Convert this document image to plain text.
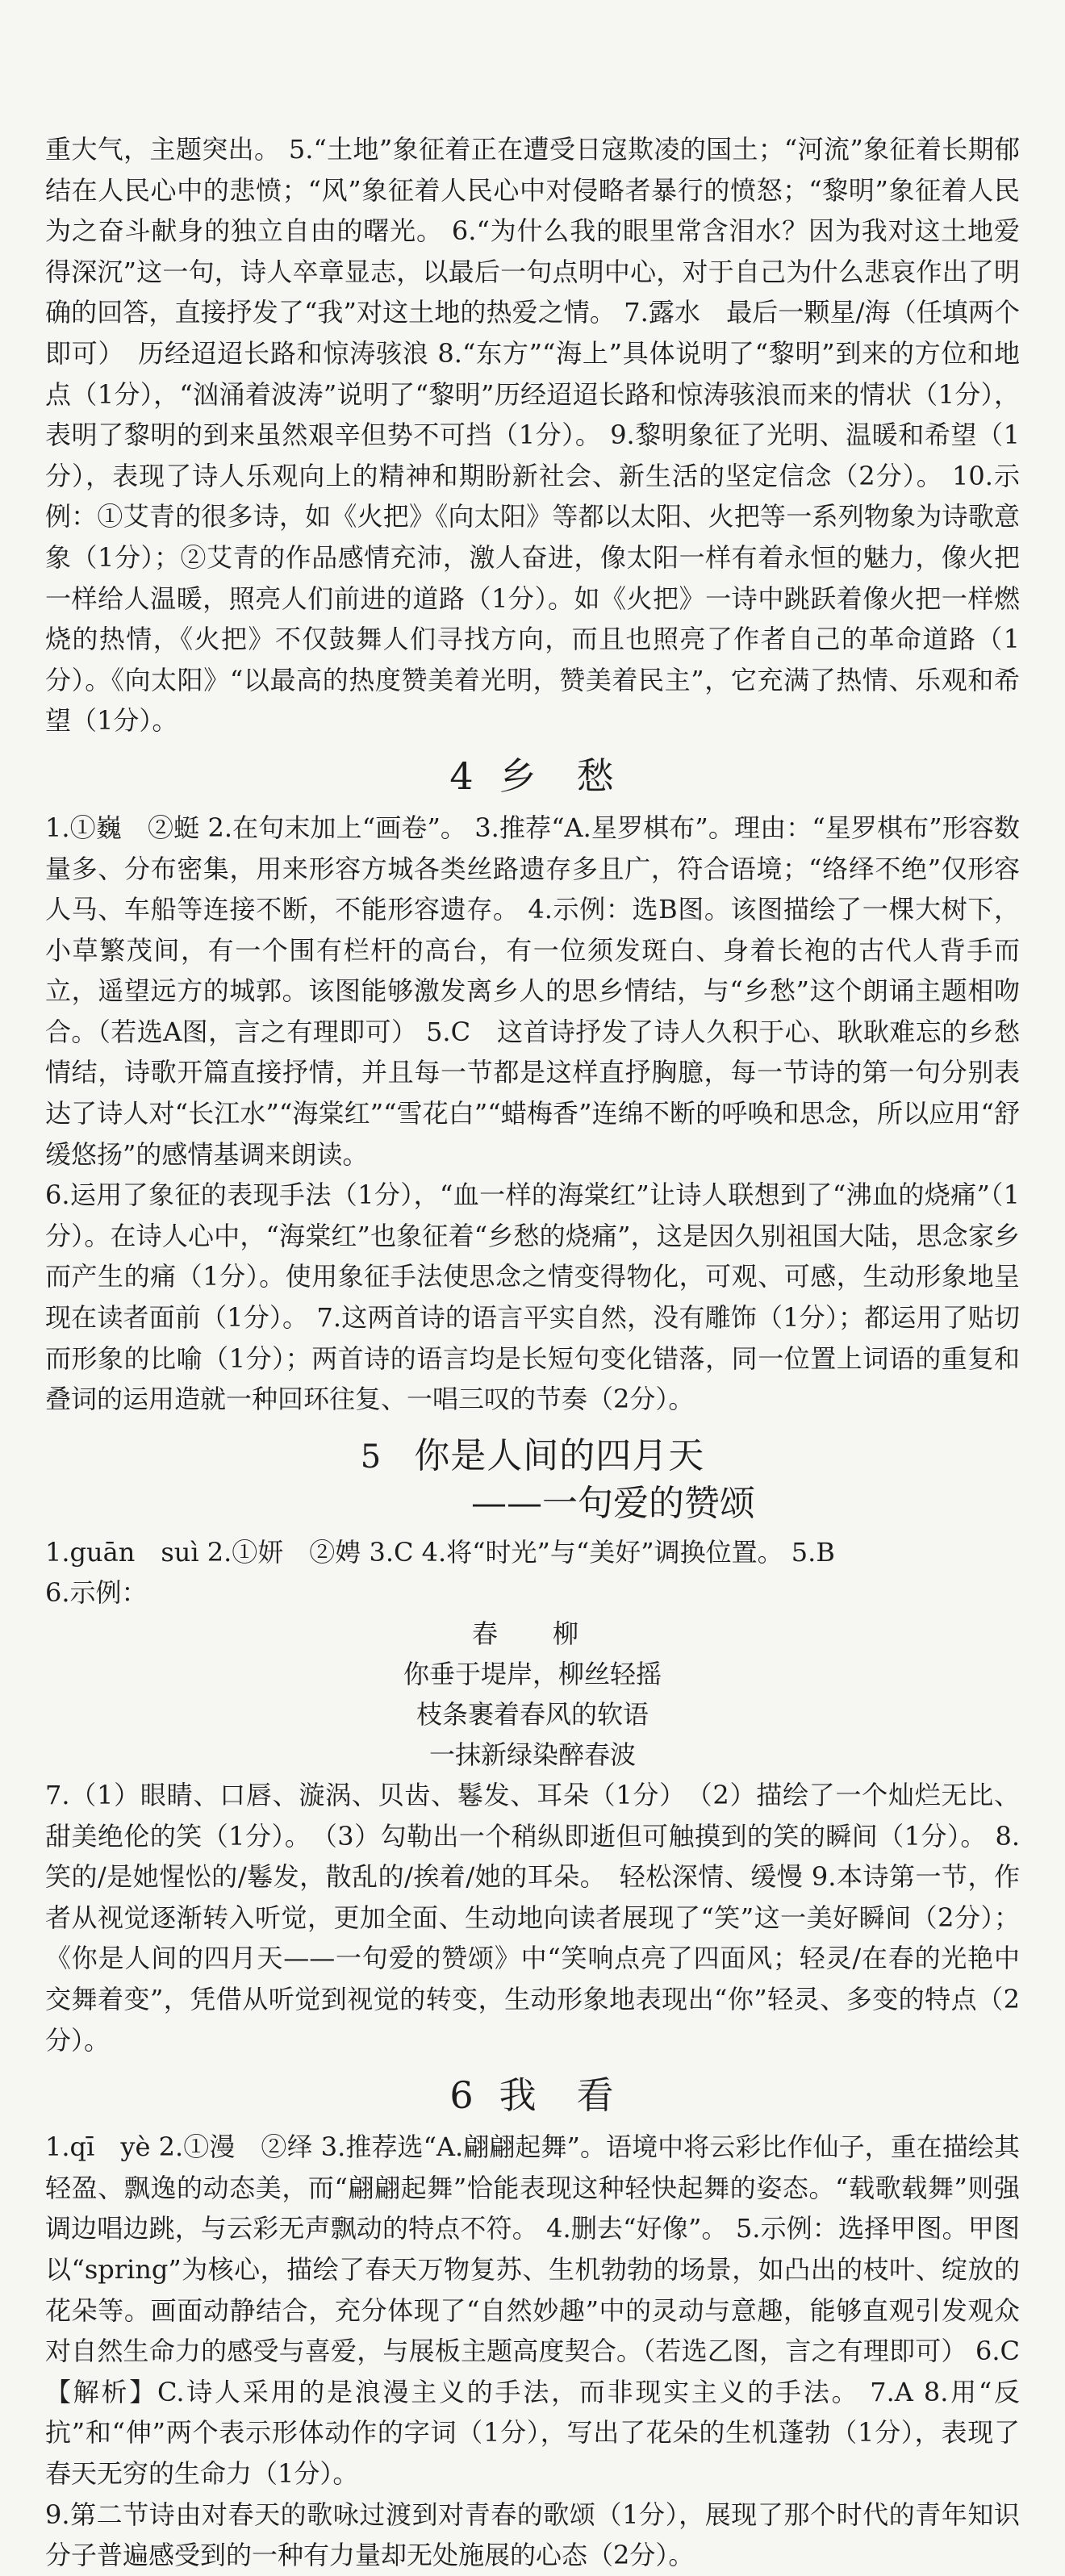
重大气，主题突出。 5.“土地”象征着正在遭受日寇欺凌的国土；“河流”象征着长期郁结在人民心中的悲愤；“风”象征着人民心中对侵略者暴行的愤怒；“黎明”象征着人民为之奋斗献身的独立自由的曙光。 6.“为什么我的眼里常含泪水？因为我对这土地爱得深沉”这一句，诗人卒章显志，以最后一句点明中心，对于自己为什么悲哀作出了明确的回答，直接抒发了“我”对这土地的热爱之情。 7.露水　最后一颗星/海（任填两个即可）　历经迢迢长路和惊涛骇浪 8.“东方”“海上”具体说明了“黎明”到来的方位和地点（1分），“汹涌着波涛”说明了“黎明”历经迢迢长路和惊涛骇浪而来的情状（1分），表明了黎明的到来虽然艰辛但势不可挡（1分）。 9.黎明象征了光明、温暖和希望（1分），表现了诗人乐观向上的精神和期盼新社会、新生活的坚定信念（2分）。 10.示例：①艾青的很多诗，如《火把》《向太阳》等都以太阳、火把等一系列物象为诗歌意象（1分）；②艾青的作品感情充沛，激人奋进，像太阳一样有着永恒的魅力，像火把一样给人温暖，照亮人们前进的道路（1分）。如《火把》一诗中跳跃着像火把一样燃烧的热情，《火把》不仅鼓舞人们寻找方向，而且也照亮了作者自己的革命道路（1分）。《向太阳》“以最高的热度赞美着光明，赞美着民主”，它充满了热情、乐观和希望（1分）。

4 乡　愁

1.①巍　②蜓 2.在句末加上“画卷”。 3.推荐“A.星罗棋布”。理由：“星罗棋布”形容数量多、分布密集，用来形容方城各类丝路遗存多且广，符合语境；“络绎不绝”仅形容人马、车船等连接不断，不能形容遗存。 4.示例：选B图。该图描绘了一棵大树下，小草繁茂间，有一个围有栏杆的高台，有一位须发斑白、身着长袍的古代人背手而立，遥望远方的城郭。该图能够激发离乡人的思乡情结，与“乡愁”这个朗诵主题相吻合。（若选A图，言之有理即可） 5.C　这首诗抒发了诗人久积于心、耿耿难忘的乡愁情结，诗歌开篇直接抒情，并且每一节都是这样直抒胸臆，每一节诗的第一句分别表达了诗人对“长江水”“海棠红”“雪花白”“蜡梅香”连绵不断的呼唤和思念，所以应用“舒缓悠扬”的感情基调来朗读。

6.运用了象征的表现手法（1分），“血一样的海棠红”让诗人联想到了“沸血的烧痛”（1分）。在诗人心中，“海棠红”也象征着“乡愁的烧痛”，这是因久别祖国大陆，思念家乡而产生的痛（1分）。使用象征手法使思念之情变得物化，可观、可感，生动形象地呈现在读者面前（1分）。 7.这两首诗的语言平实自然，没有雕饰（1分）；都运用了贴切而形象的比喻（1分）；两首诗的语言均是长短句变化错落，同一位置上词语的重复和叠词的运用造就一种回环往复、一唱三叹的节奏（2分）。

5 你是人间的四月天
——一句爱的赞颂

1.guān　suì 2.①妍　②娉 3.C 4.将“时光”与“美好”调换位置。 5.B

6.示例：

春　柳
你垂于堤岸，柳丝轻摇
枝条裹着春风的软语
一抹新绿染醉春波

7.（1）眼睛、口唇、漩涡、贝齿、鬈发、耳朵（1分）　（2）描绘了一个灿烂无比、甜美绝伦的笑（1分）。　（3）勾勒出一个稍纵即逝但可触摸到的笑的瞬间（1分）。 8.笑的/是她惺忪的/鬈发，散乱的/挨着/她的耳朵。　轻松深情、缓慢 9.本诗第一节，作者从视觉逐渐转入听觉，更加全面、生动地向读者展现了“笑”这一美好瞬间（2分）；《你是人间的四月天——一句爱的赞颂》中“笑响点亮了四面风；轻灵/在春的光艳中交舞着变”，凭借从听觉到视觉的转变，生动形象地表现出“你”轻灵、多变的特点（2分）。

6 我　看

1.qī　yè 2.①漫　②绎 3.推荐选“A.翩翩起舞”。语境中将云彩比作仙子，重在描绘其轻盈、飘逸的动态美，而“翩翩起舞”恰能表现这种轻快起舞的姿态。“载歌载舞”则强调边唱边跳，与云彩无声飘动的特点不符。 4.删去“好像”。 5.示例：选择甲图。甲图以“spring”为核心，描绘了春天万物复苏、生机勃勃的场景，如凸出的枝叶、绽放的花朵等。画面动静结合，充分体现了“自然妙趣”中的灵动与意趣，能够直观引发观众对自然生命力的感受与喜爱，与展板主题高度契合。（若选乙图，言之有理即可） 6.C 【解析】C.诗人采用的是浪漫主义的手法，而非现实主义的手法。 7.A 8.用“反抗”和“伸”两个表示形体动作的字词（1分），写出了花朵的生机蓬勃（1分），表现了春天无穷的生命力（1分）。

9.第二节诗由对春天的歌咏过渡到对青春的歌颂（1分），展现了那个时代的青年知识分子普遍感受到的一种有力量却无处施展的心态（2分）。
